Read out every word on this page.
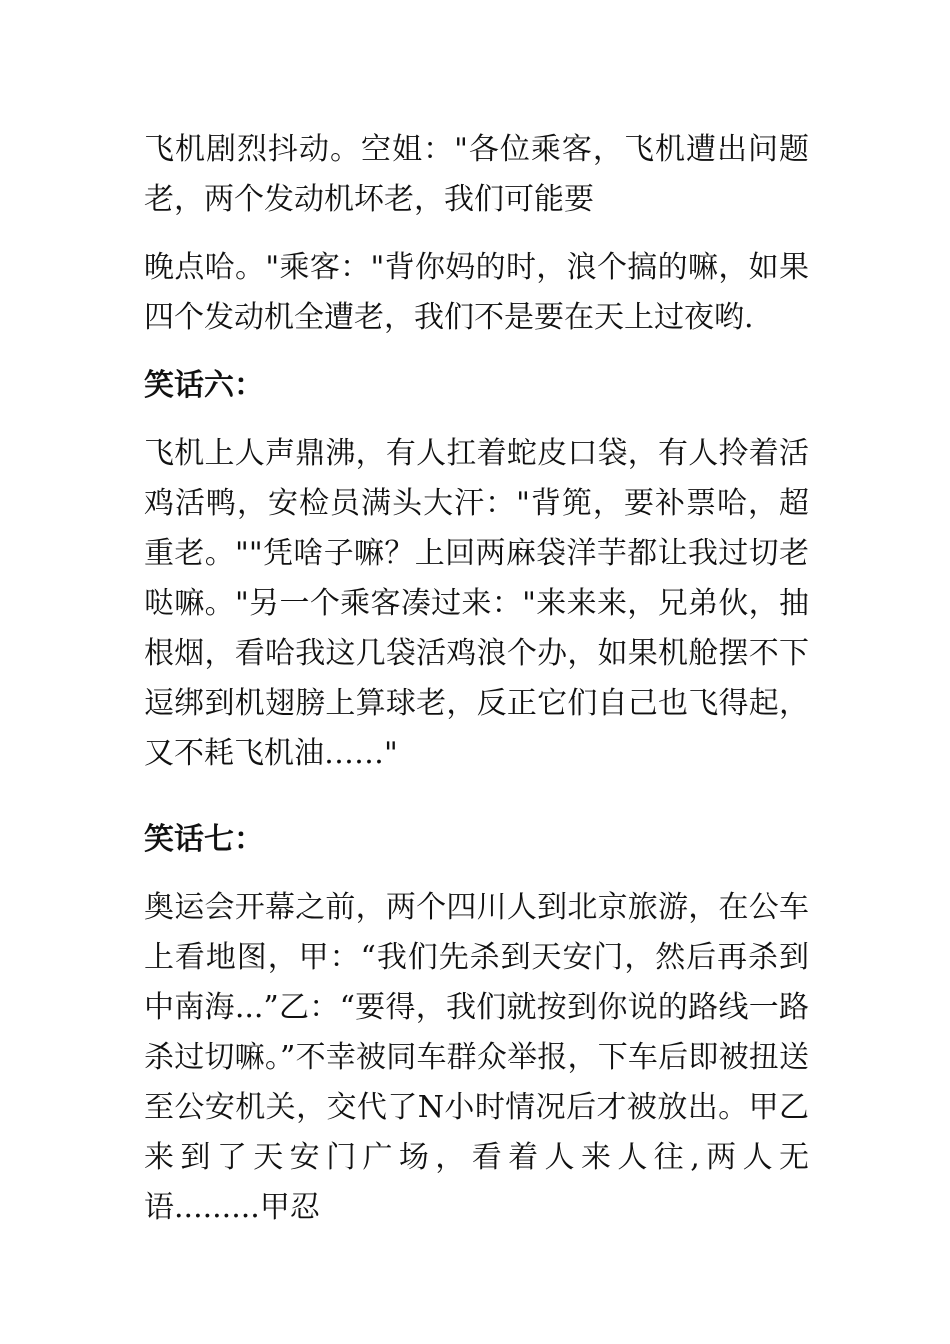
飞机剧烈抖动。空姐："各位乘客，飞机遭出问题老，两个发动机坏老，我们可能要

晚点哈。"乘客："背你妈的时，浪个搞的嘛，如果四个发动机全遭老，我们不是要在天上过夜哟.

笑话六：

飞机上人声鼎沸，有人扛着蛇皮口袋，有人拎着活鸡活鸭，安检员满头大汗："背篼，要补票哈，超重老。""凭啥子嘛？上回两麻袋洋芋都让我过切老哒嘛。"另一个乘客凑过来："来来来，兄弟伙，抽根烟，看哈我这几袋活鸡浪个办，如果机舱摆不下逗绑到机翅膀上算球老，反正它们自己也飞得起，又不耗飞机油……"

笑话七：

奥运会开幕之前，两个四川人到北京旅游，在公车上看地图，甲：“我们先杀到天安门，然后再杀到中南海...”乙：“要得，我们就按到你说的路线一路杀过切嘛。”不幸被同车群众举报，下车后即被扭送至公安机关，交代了N小时情况后才被放出。甲乙来到了天安门广场，看着人来人往,两人无语.........甲忍
